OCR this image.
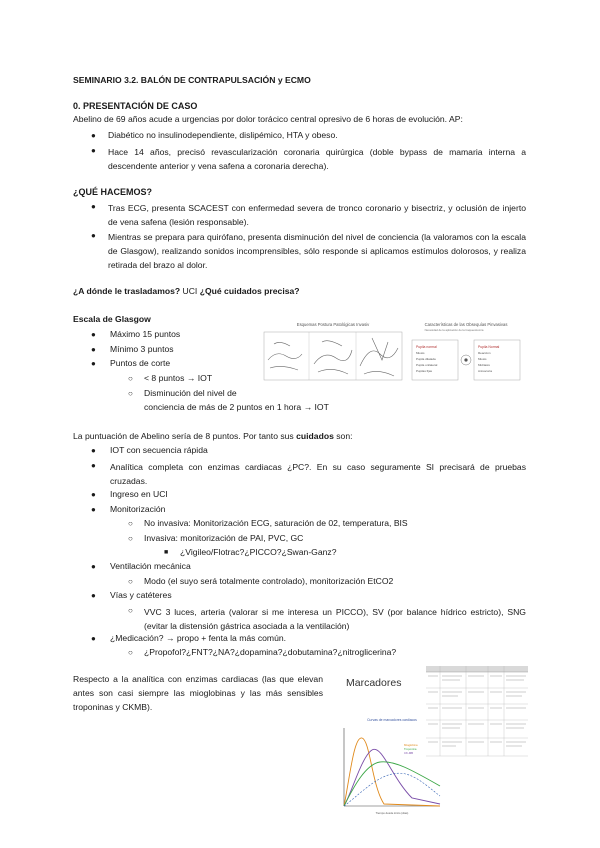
SEMINARIO 3.2. BALÓN DE CONTRAPULSACIÓN y ECMO
0. PRESENTACIÓN DE CASO
Abelino de 69 años acude a urgencias por dolor torácico central opresivo de 6 horas de evolución. AP:
● Diabético no insulinodependiente, dislipémico, HTA y obeso.
● Hace 14 años, precisó revascularización coronaria quirúrgica (doble bypass de mamaria interna a descendente anterior y vena safena a coronaria derecha).
¿QUÉ HACEMOS?
● Tras ECG, presenta SCACEST con enfermedad severa de tronco coronario y bisectriz, y oclusión de injerto de vena safena (lesión responsable).
● Mientras se prepara para quirófano, presenta disminución del nivel de conciencia (la valoramos con la escala de Glasgow), realizando sonidos incomprensibles, sólo responde si aplicamos estímulos dolorosos, y realiza retirada del brazo al dolor.
¿A dónde le trasladamos? UCI ¿Qué cuidados precisa?
Escala de Glasgow
● Máximo 15 puntos
● Mínimo 3 puntos
● Puntos de corte
○ < 8 puntos → IOT
○ Disminución del nivel de
conciencia de más de 2 puntos en 1 hora → IOT
Esquemas Postura Patológicas Invasiv	Características de las Obsequías Pinvasivas
Necesidad de la aplicación de la traqueostomía
Pupila normal
Miosis
Pupila dilatada
Pupila unilateral
Pupilas fijas
Pupila Normal
Reacción
Miosis
Midriasis
Anisocoria
La puntuación de Abelino sería de 8 puntos. Por tanto sus cuidados son:
● IOT con secuencia rápida
● Analítica completa con enzimas cardiacas ¿PC?. En su caso seguramente SI precisará de pruebas cruzadas.
● Ingreso en UCI
● Monitorización
○ No invasiva: Monitorización ECG, saturación de 02, temperatura, BIS
○ Invasiva: monitorización de PAI, PVC, GC
■ ¿Vigileo/Flotrac?¿PICCO?¿Swan-Ganz?
● Ventilación mecánica
○ Modo (el suyo será totalmente controlado), monitorización EtCO2
● Vías y catéteres
○ VVC 3 luces, arteria (valorar si me interesa un PICCO), SV (por balance hídrico estricto), SNG (evitar la distensión gástrica asociada a la ventilación)
● ¿Medicación? → propo + fenta la más común.
○ ¿Propofol?¿FNT?¿NA?¿dopamina?¿dobutamina?¿nitroglicerina?
Respecto a la analítica con enzimas cardiacas (las que elevan antes son casi siempre las mioglobinas y las más sensibles troponinas y CKMB).
Marcadores
Curvas de marcadores cardiacos
Mioglobina
Troponina
CK-MB
Tiempo desde inicio (días)
